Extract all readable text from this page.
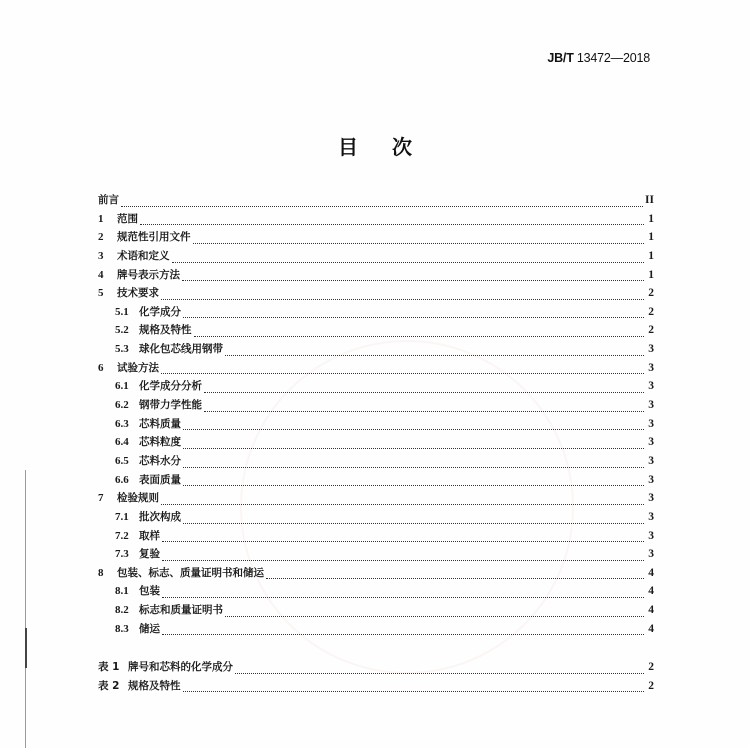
JB/T 13472—2018
目 次
前言	II
1	范围	1
2	规范性引用文件	1
3	术语和定义	1
4	牌号表示方法	1
5	技术要求	2
5.1 化学成分	2
5.2 规格及特性	2
5.3 球化包芯线用钢带	3
6	试验方法	3
6.1 化学成分分析	3
6.2 钢带力学性能	3
6.3 芯料质量	3
6.4 芯料粒度	3
6.5 芯料水分	3
6.6 表面质量	3
7	检验规则	3
7.1 批次构成	3
7.2 取样	3
7.3 复验	3
8	包装、标志、质量证明书和储运	4
8.1 包装	4
8.2 标志和质量证明书	4
8.3 储运	4
表 1 牌号和芯料的化学成分	2
表 2 规格及特性	2
